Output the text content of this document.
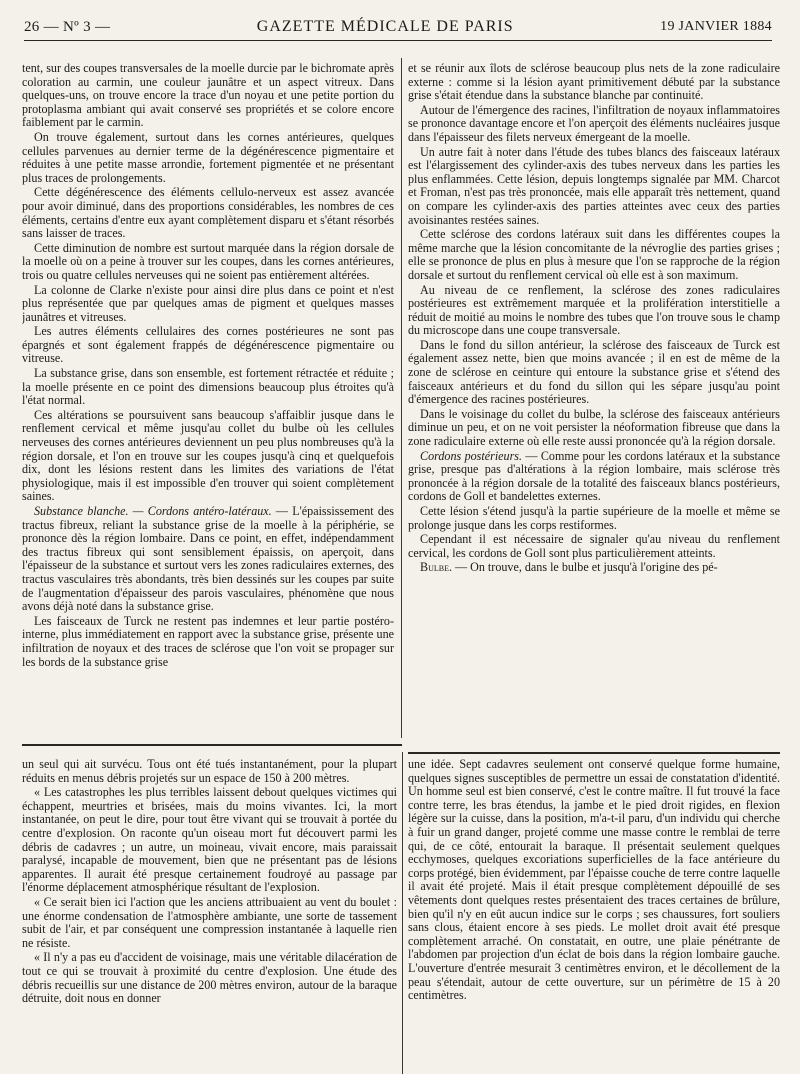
26 — Nº 3 —	GAZETTE MÉDICALE DE PARIS	19 JANVIER 1884

tent, sur des coupes transversales de la moelle durcie par le bichromate après coloration au carmin, une couleur jaunâtre et un aspect vitreux. Dans quelques-uns, on trouve encore la trace d'un noyau et une petite portion du protoplasma ambiant qui avait conservé ses propriétés et se colore encore faiblement par le carmin.

On trouve également, surtout dans les cornes antérieures, quelques cellules parvenues au dernier terme de la dégénérescence pigmentaire et réduites à une petite masse arrondie, fortement pigmentée et ne présentant plus traces de prolongements.

Cette dégénérescence des éléments cellulo-nerveux est assez avancée pour avoir diminué, dans des proportions considérables, les nombres de ces éléments, certains d'entre eux ayant complètement disparu et s'étant résorbés sans laisser de traces.

Cette diminution de nombre est surtout marquée dans la région dorsale de la moelle où on a peine à trouver sur les coupes, dans les cornes antérieures, trois ou quatre cellules nerveuses qui ne soient pas entièrement altérées.

La colonne de Clarke n'existe pour ainsi dire plus dans ce point et n'est plus représentée que par quelques amas de pigment et quelques masses jaunâtres et vitreuses.

Les autres éléments cellulaires des cornes postérieures ne sont pas épargnés et sont également frappés de dégénérescence pigmentaire ou vitreuse.

La substance grise, dans son ensemble, est fortement rétractée et réduite ; la moelle présente en ce point des dimensions beaucoup plus étroites qu'à l'état normal.

Ces altérations se poursuivent sans beaucoup s'affaiblir jusque dans le renflement cervical et même jusqu'au collet du bulbe où les cellules nerveuses des cornes antérieures deviennent un peu plus nombreuses qu'à la région dorsale, et l'on en trouve sur les coupes jusqu'à cinq et quelquefois dix, dont les lésions restent dans les limites des variations de l'état physiologique, mais il est impossible d'en trouver qui soient complètement saines.

Substance blanche. — Cordons antéro-latéraux. — L'épaississement des tractus fibreux, reliant la substance grise de la moelle à la périphérie, se prononce dès la région lombaire. Dans ce point, en effet, indépendamment des tractus fibreux qui sont sensiblement épaissis, on aperçoit, dans l'épaisseur de la substance et surtout vers les zones radiculaires externes, des tractus vasculaires très abondants, très bien dessinés sur les coupes par suite de l'augmentation d'épaisseur des parois vasculaires, phénomène que nous avons déjà noté dans la substance grise.

Les faisceaux de Turck ne restent pas indemnes et leur partie postéro-interne, plus immédiatement en rapport avec la substance grise, présente une infiltration de noyaux et des traces de sclérose que l'on voit se propager sur les bords de la substance grise

et se réunir aux îlots de sclérose beaucoup plus nets de la zone radiculaire externe : comme si la lésion ayant primitivement débuté par la substance grise s'était étendue dans la substance blanche par continuité.

Autour de l'émergence des racines, l'infiltration de noyaux inflammatoires se prononce davantage encore et l'on aperçoit des éléments nucléaires jusque dans l'épaisseur des filets nerveux émergeant de la moelle.

Un autre fait à noter dans l'étude des tubes blancs des faisceaux latéraux est l'élargissement des cylinder-axis des tubes nerveux dans les parties les plus enflammées. Cette lésion, depuis longtemps signalée par MM. Charcot et Froman, n'est pas très prononcée, mais elle apparaît très nettement, quand on compare les cylinder-axis des parties atteintes avec ceux des parties avoisinantes restées saines.

Cette sclérose des cordons latéraux suit dans les différentes coupes la même marche que la lésion concomitante de la névroglie des parties grises ; elle se prononce de plus en plus à mesure que l'on se rapproche de la région dorsale et surtout du renflement cervical où elle est à son maximum.

Au niveau de ce renflement, la sclérose des zones radiculaires postérieures est extrêmement marquée et la prolifération interstitielle a réduit de moitié au moins le nombre des tubes que l'on trouve sous le champ du microscope dans une coupe transversale.

Dans le fond du sillon antérieur, la sclérose des faisceaux de Turck est également assez nette, bien que moins avancée ; il en est de même de la zone de sclérose en ceinture qui entoure la substance grise et s'étend des faisceaux antérieurs et du fond du sillon qui les sépare jusqu'au point d'émergence des racines postérieures.

Dans le voisinage du collet du bulbe, la sclérose des faisceaux antérieurs diminue un peu, et on ne voit persister la néoformation fibreuse que dans la zone radiculaire externe où elle reste aussi prononcée qu'à la région dorsale.

Cordons postérieurs. — Comme pour les cordons latéraux et la substance grise, presque pas d'altérations à la région lombaire, mais sclérose très prononcée à la région dorsale de la totalité des faisceaux blancs postérieurs, cordons de Goll et bandelettes externes.

Cette lésion s'étend jusqu'à la partie supérieure de la moelle et même se prolonge jusque dans les corps restiformes.

Cependant il est nécessaire de signaler qu'au niveau du renflement cervical, les cordons de Goll sont plus particulièrement atteints.

Bulbe. — On trouve, dans le bulbe et jusqu'à l'origine des pé-

un seul qui ait survécu. Tous ont été tués instantanément, pour la plupart réduits en menus débris projetés sur un espace de 150 à 200 mètres.

« Les catastrophes les plus terribles laissent debout quelques victimes qui échappent, meurtries et brisées, mais du moins vivantes. Ici, la mort instantanée, on peut le dire, pour tout être vivant qui se trouvait à portée du centre d'explosion. On raconte qu'un oiseau mort fut découvert parmi les débris de cadavres ; un autre, un moineau, vivait encore, mais paraissait paralysé, incapable de mouvement, bien que ne présentant pas de lésions apparentes. Il aurait été presque certainement foudroyé au passage par l'énorme déplacement atmosphérique résultant de l'explosion.

« Ce serait bien ici l'action que les anciens attribuaient au vent du boulet : une énorme condensation de l'atmosphère ambiante, une sorte de tassement subit de l'air, et par conséquent une compression instantanée à laquelle rien ne résiste.

« Il n'y a pas eu d'accident de voisinage, mais une véritable dilacération de tout ce qui se trouvait à proximité du centre d'explosion. Une étude des débris recueillis sur une distance de 200 mètres environ, autour de la baraque détruite, doit nous en donner

une idée. Sept cadavres seulement ont conservé quelque forme humaine, quelques signes susceptibles de permettre un essai de constatation d'identité. Un homme seul est bien conservé, c'est le contre maître. Il fut trouvé la face contre terre, les bras étendus, la jambe et le pied droit rigides, en flexion légère sur la cuisse, dans la position, m'a-t-il paru, d'un individu qui cherche à fuir un grand danger, projeté comme une masse contre le remblai de terre qui, de ce côté, entourait la baraque. Il présentait seulement quelques ecchymoses, quelques excoriations superficielles de la face antérieure du corps protégé, bien évidemment, par l'épaisse couche de terre contre laquelle il avait été projeté. Mais il était presque complètement dépouillé de ses vêtements dont quelques restes présentaient des traces certaines de brûlure, bien qu'il n'y en eût aucun indice sur le corps ; ses chaussures, fort souliers sans clous, étaient encore à ses pieds. Le mollet droit avait été presque complètement arraché. On constatait, en outre, une plaie pénétrante de l'abdomen par projection d'un éclat de bois dans la région lombaire gauche. L'ouverture d'entrée mesurait 3 centimètres environ, et le décollement de la peau s'étendait, autour de cette ouverture, sur un périmètre de 15 à 20 centimètres.
